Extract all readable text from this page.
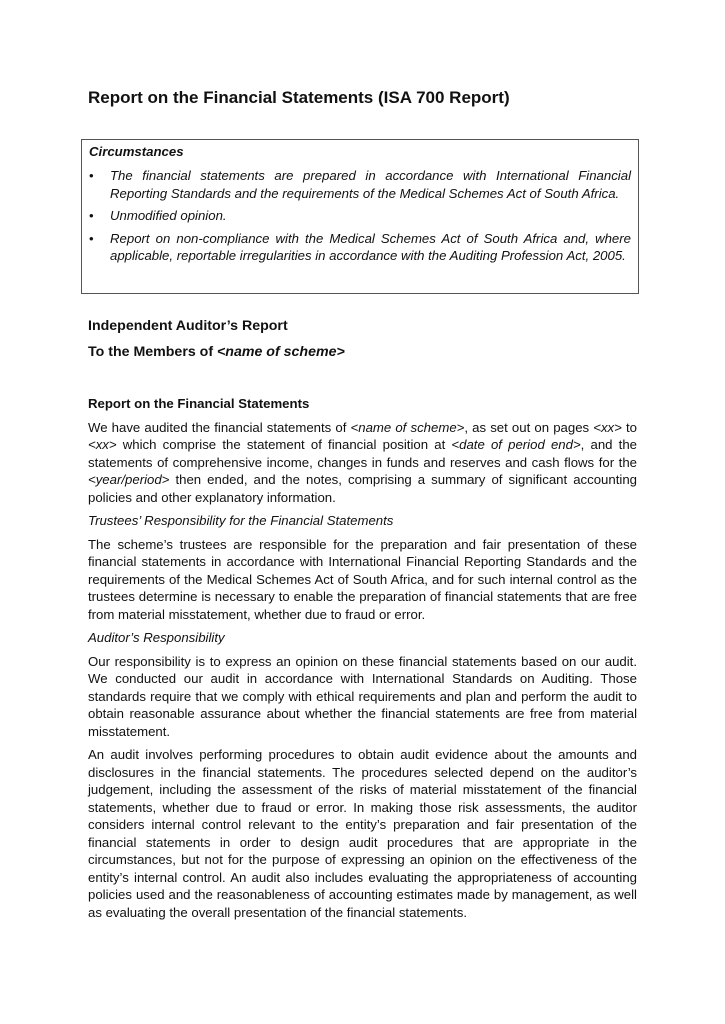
Report on the Financial Statements (ISA 700 Report)
Circumstances
• The financial statements are prepared in accordance with International Financial Reporting Standards and the requirements of the Medical Schemes Act of South Africa.
• Unmodified opinion.
• Report on non-compliance with the Medical Schemes Act of South Africa and, where applicable, reportable irregularities in accordance with the Auditing Profession Act, 2005.
Independent Auditor’s Report
To the Members of <name of scheme>
Report on the Financial Statements

We have audited the financial statements of <name of scheme>, as set out on pages <xx> to <xx> which comprise the statement of financial position at <date of period end>, and the statements of comprehensive income, changes in funds and reserves and cash flows for the <year/period> then ended, and the notes, comprising a summary of significant accounting policies and other explanatory information.

Trustees’ Responsibility for the Financial Statements

The scheme’s trustees are responsible for the preparation and fair presentation of these financial statements in accordance with International Financial Reporting Standards and the requirements of the Medical Schemes Act of South Africa, and for such internal control as the trustees determine is necessary to enable the preparation of financial statements that are free from material misstatement, whether due to fraud or error.

Auditor’s Responsibility

Our responsibility is to express an opinion on these financial statements based on our audit. We conducted our audit in accordance with International Standards on Auditing. Those standards require that we comply with ethical requirements and plan and perform the audit to obtain reasonable assurance about whether the financial statements are free from material misstatement.

An audit involves performing procedures to obtain audit evidence about the amounts and disclosures in the financial statements. The procedures selected depend on the auditor’s judgement, including the assessment of the risks of material misstatement of the financial statements, whether due to fraud or error. In making those risk assessments, the auditor considers internal control relevant to the entity’s preparation and fair presentation of the financial statements in order to design audit procedures that are appropriate in the circumstances, but not for the purpose of expressing an opinion on the effectiveness of the entity’s internal control. An audit also includes evaluating the appropriateness of accounting policies used and the reasonableness of accounting estimates made by management, as well as evaluating the overall presentation of the financial statements.
